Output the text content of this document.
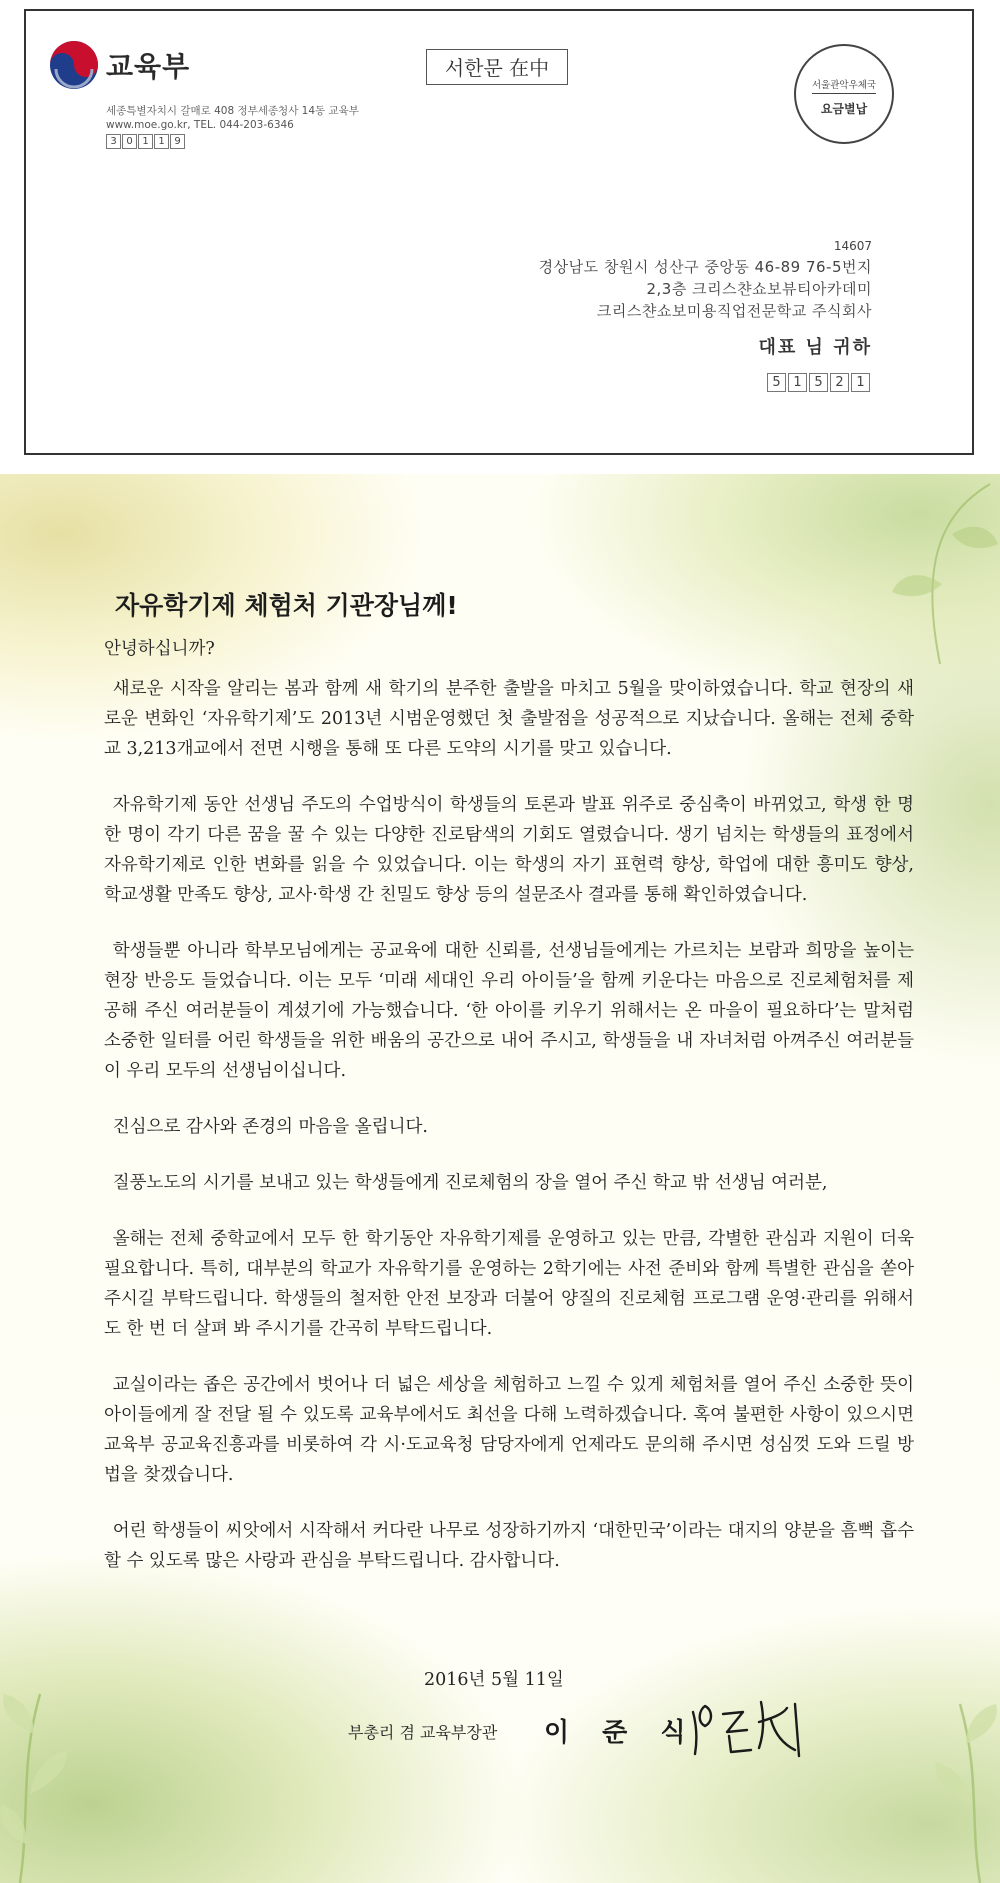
교육부
세종특별자치시 갈매로 408 정부세종청사 14동 교육부
www.moe.go.kr, TEL. 044-203-6346
3 0 1 1 9
서한문 在中
서울관악우체국
요금별납
14607
경상남도 창원시 성산구 중앙동 46-89 76-5번지
2,3층 크리스챤쇼보뷰티아카데미
크리스챤쇼보미용직업전문학교 주식회사
대표 님 귀하
5 1 5 2 1
자유학기제 체험처 기관장님께!

안녕하십니까?

새로운 시작을 알리는 봄과 함께 새 학기의 분주한 출발을 마치고 5월을 맞이하였습니다. 학교 현장의 새로운 변화인 ‘자유학기제’도 2013년 시범운영했던 첫 출발점을 성공적으로 지났습니다. 올해는 전체 중학교 3,213개교에서 전면 시행을 통해 또 다른 도약의 시기를 맞고 있습니다.

자유학기제 동안 선생님 주도의 수업방식이 학생들의 토론과 발표 위주로 중심축이 바뀌었고, 학생 한 명 한 명이 각기 다른 꿈을 꿀 수 있는 다양한 진로탐색의 기회도 열렸습니다. 생기 넘치는 학생들의 표정에서 자유학기제로 인한 변화를 읽을 수 있었습니다. 이는 학생의 자기 표현력 향상, 학업에 대한 흥미도 향상, 학교생활 만족도 향상, 교사·학생 간 친밀도 향상 등의 설문조사 결과를 통해 확인하였습니다.

학생들뿐 아니라 학부모님에게는 공교육에 대한 신뢰를, 선생님들에게는 가르치는 보람과 희망을 높이는 현장 반응도 들었습니다. 이는 모두 ‘미래 세대인 우리 아이들’을 함께 키운다는 마음으로 진로체험처를 제공해 주신 여러분들이 계셨기에 가능했습니다. ‘한 아이를 키우기 위해서는 온 마을이 필요하다’는 말처럼 소중한 일터를 어린 학생들을 위한 배움의 공간으로 내어 주시고, 학생들을 내 자녀처럼 아껴주신 여러분들이 우리 모두의 선생님이십니다.

진심으로 감사와 존경의 마음을 올립니다.

질풍노도의 시기를 보내고 있는 학생들에게 진로체험의 장을 열어 주신 학교 밖 선생님 여러분,

올해는 전체 중학교에서 모두 한 학기동안 자유학기제를 운영하고 있는 만큼, 각별한 관심과 지원이 더욱 필요합니다. 특히, 대부분의 학교가 자유학기를 운영하는 2학기에는 사전 준비와 함께 특별한 관심을 쏟아 주시길 부탁드립니다. 학생들의 철저한 안전 보장과 더불어 양질의 진로체험 프로그램 운영·관리를 위해서도 한 번 더 살펴 봐 주시기를 간곡히 부탁드립니다.

교실이라는 좁은 공간에서 벗어나 더 넓은 세상을 체험하고 느낄 수 있게 체험처를 열어 주신 소중한 뜻이 아이들에게 잘 전달 될 수 있도록 교육부에서도 최선을 다해 노력하겠습니다. 혹여 불편한 사항이 있으시면 교육부 공교육진흥과를 비롯하여 각 시·도교육청 담당자에게 언제라도 문의해 주시면 성심껏 도와 드릴 방법을 찾겠습니다.

어린 학생들이 씨앗에서 시작해서 커다란 나무로 성장하기까지 ‘대한민국’이라는 대지의 양분을 흠뻑 흡수할 수 있도록 많은 사랑과 관심을 부탁드립니다. 감사합니다.

2016년 5월 11일
부총리 겸 교육부장관 이 준 식
